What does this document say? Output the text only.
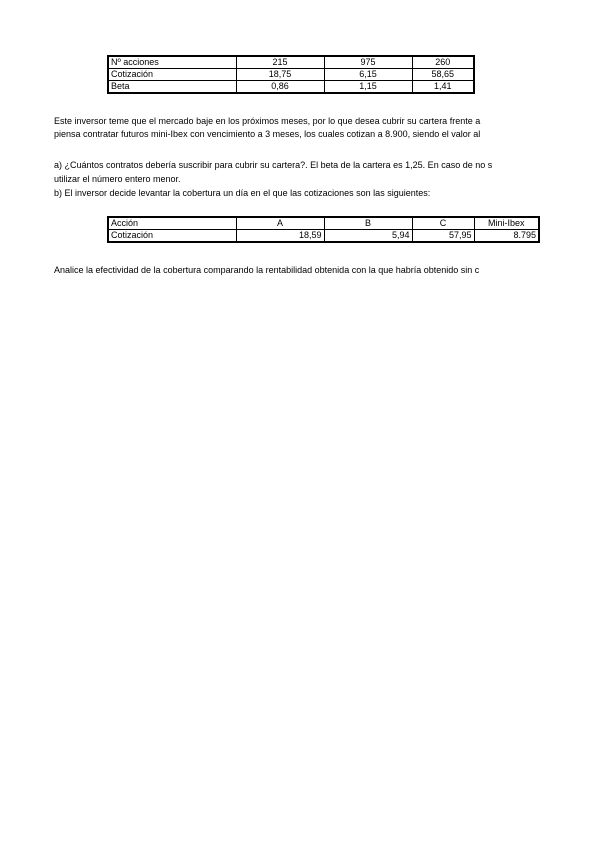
Nº acciones	215	975	260
Cotización	18,75	6,15	58,65
Beta	0,86	1,15	1,41
Este inversor teme que el mercado baje en los próximos meses, por lo que desea cubrir su cartera frente a
piensa contratar futuros mini-Ibex con vencimiento a 3 meses, los cuales cotizan a 8.900, siendo el valor al
a) ¿Cuántos contratos debería suscribir para cubrir su cartera?. El beta de la cartera es 1,25. En caso de no s
utilizar el número entero menor.
b) El inversor decide levantar la cobertura un día en el que las cotizaciones son las siguientes:
Acción	A	B	C	Mini-Ibex
Cotización	18,59	5,94	57,95	8.795
Analice la efectividad de la cobertura comparando la rentabilidad obtenida con la que habría obtenido sin c
